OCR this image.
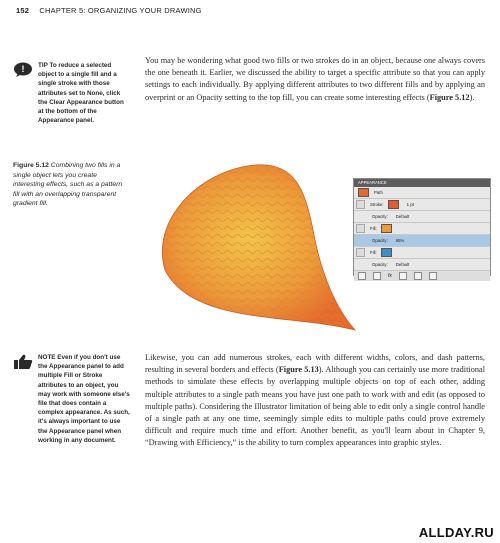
152 CHAPTER 5: ORGANIZING YOUR DRAWING
! TIP To reduce a selected object to a single fill and a single stroke with those attributes set to None, click the Clear Appearance button at the bottom of the Appearance panel.
Figure 5.12 Combining two fills in a single object lets you create interesting effects, such as a pattern fill with an overlapping transparent gradient fill.
You may be wondering what good two fills or two strokes do in an object, because one always covers the one beneath it. Earlier, we discussed the ability to target a specific attribute so that you can apply settings to each individually. By applying different attributes to two different fills and by applying an overprint or an Opacity setting to the top fill, you can create some interesting effects (Figure 5.12).
APPEARANCE
Path
Stroke:	1 pt
Opacity: Default
Fill:
Opacity: 65%
Fill:
Opacity: Default
fx
NOTE Even if you don't use the Appearance panel to add multiple Fill or Stroke attributes to an object, you may work with someone else's file that does contain a complex appearance. As such, it's always important to use the Appearance panel when working in any document.
Likewise, you can add numerous strokes, each with different widths, colors, and dash patterns, resulting in several borders and effects (Figure 5.13). Although you can certainly use more traditional methods to simulate these effects by overlapping multiple objects on top of each other, adding multiple attributes to a single path means you have just one path to work with and edit (as opposed to multiple paths). Considering the Illustrator limitation of being able to edit only a single control handle of a single path at any one time, seemingly simple edits to multiple paths could prove extremely difficult and require much time and effort. Another benefit, as you'll learn about in Chapter 9, “Drawing with Efficiency,” is the ability to turn complex appearances into graphic styles.
ALLDAY.RU
